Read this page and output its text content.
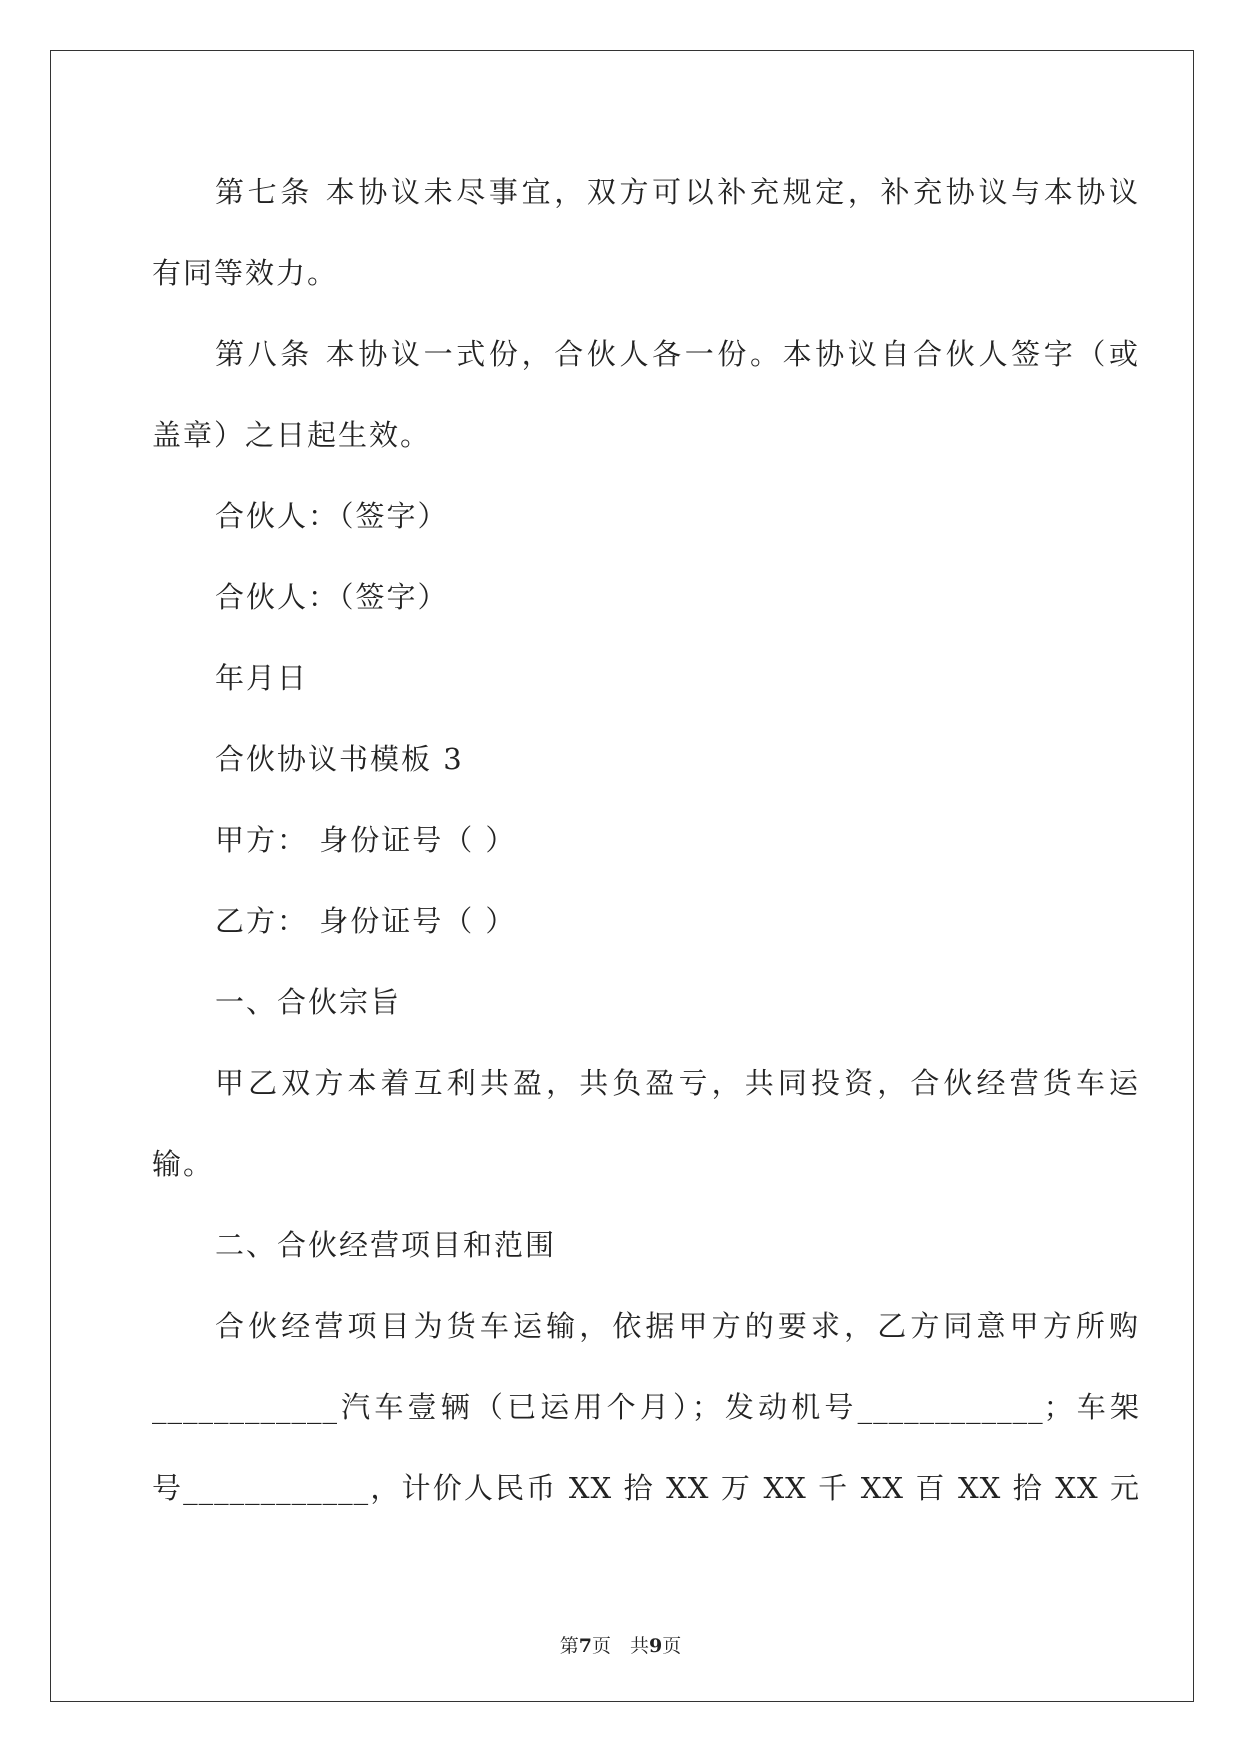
第七条 本协议未尽事宜，双方可以补充规定，补充协议与本协议
有同等效力。
第八条 本协议一式份，合伙人各一份。本协议自合伙人签字（或
盖章）之日起生效。
合伙人：（签字）
合伙人：（签字）
年月日
合伙协议书模板 3
甲方： 身份证号（ ）
乙方： 身份证号（ ）
一、合伙宗旨
甲乙双方本着互利共盈，共负盈亏，共同投资，合伙经营货车运
输。
二、合伙经营项目和范围
合伙经营项目为货车运输，依据甲方的要求，乙方同意甲方所购
____________汽车壹辆（已运用个月）；发动机号____________；车架
号____________，计价人民币 XX 拾 XX 万 XX 千 XX 百 XX 拾 XX 元
第7页　共9页
